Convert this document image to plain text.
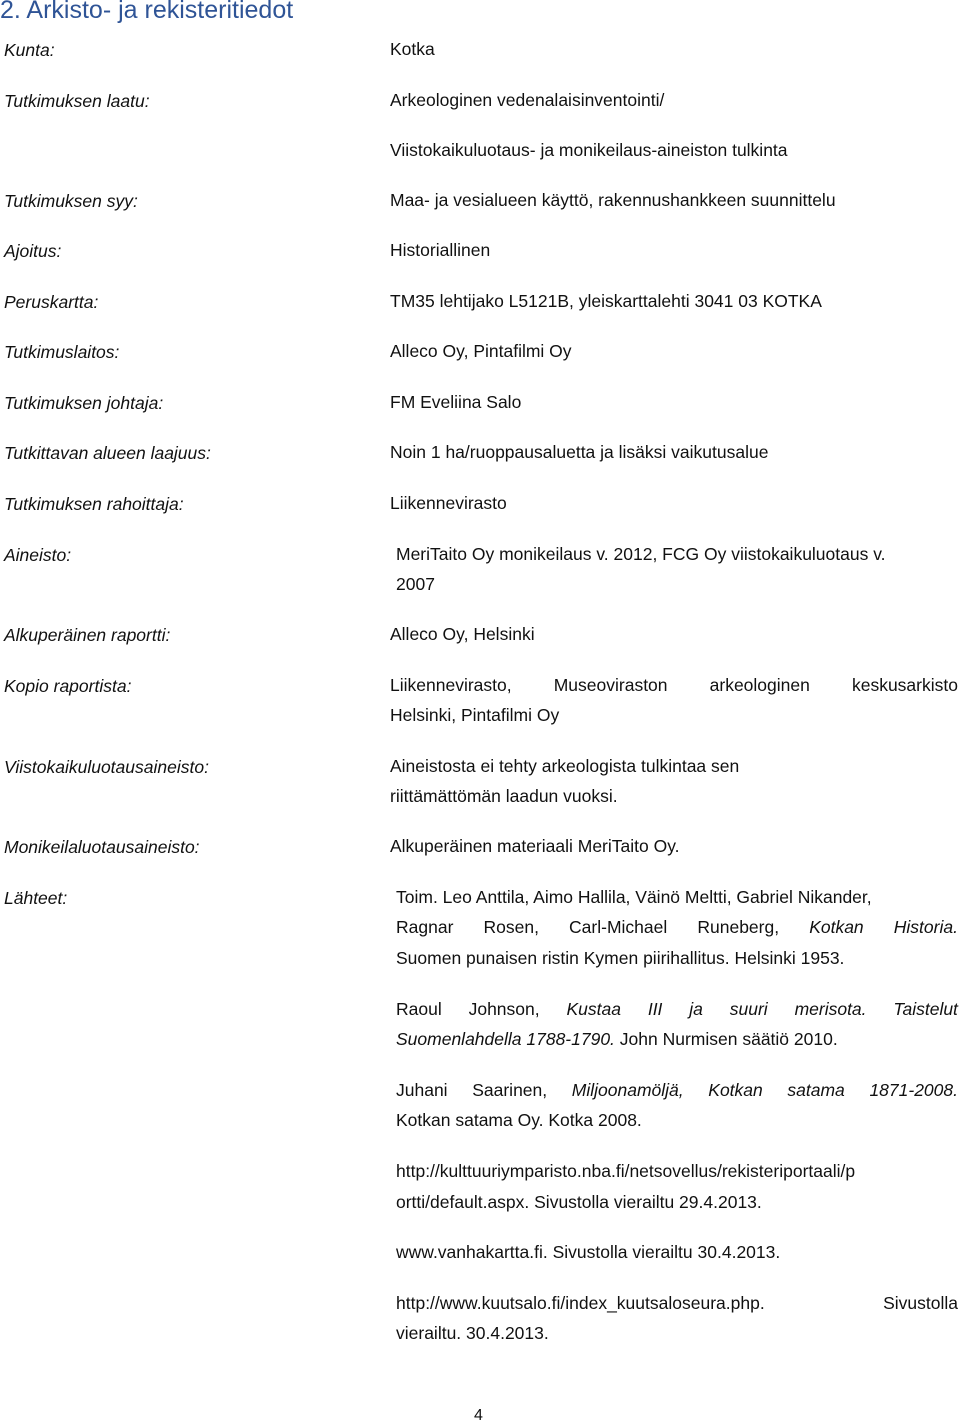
2. Arkisto- ja rekisteritiedot
Kunta:
Tutkimuksen laatu:
Tutkimuksen syy:
Ajoitus:
Peruskartta:
Tutkimuslaitos:
Tutkimuksen johtaja:
Tutkittavan alueen laajuus:
Tutkimuksen rahoittaja:
Aineisto:
Alkuperäinen raportti:
Kopio raportista:
Viistokaikuluotausaineisto:
Monikeilaluotausaineisto:
Lähteet:
Kotka
Arkeologinen vedenalaisinventointi/
Viistokaikuluotaus- ja monikeilaus-aineiston tulkinta
Maa- ja vesialueen käyttö, rakennushankkeen suunnittelu
Historiallinen
TM35 lehtijako L5121B, yleiskarttalehti 3041 03 KOTKA
Alleco Oy, Pintafilmi Oy
FM Eveliina Salo
Noin 1 ha/ruoppausaluetta ja lisäksi vaikutusalue
Liikennevirasto
MeriTaito Oy monikeilaus v. 2012, FCG Oy viistokaikuluotaus v.
2007
Alleco Oy, Helsinki
Liikennevirasto, Museoviraston arkeologinen keskusarkisto
Helsinki, Pintafilmi Oy
Aineistosta ei tehty arkeologista tulkintaa sen
riittämättömän laadun vuoksi.
Alkuperäinen materiaali MeriTaito Oy.
Toim. Leo Anttila, Aimo Hallila, Väinö Meltti, Gabriel Nikander,
Ragnar Rosen, Carl-Michael Runeberg, Kotkan Historia.
Suomen punaisen ristin Kymen piirihallitus. Helsinki 1953.
Raoul Johnson, Kustaa III ja suuri merisota. Taistelut
Suomenlahdella 1788-1790. John Nurmisen säätiö 2010.
Juhani Saarinen, Miljoonamöljä, Kotkan satama 1871-2008.
Kotkan satama Oy. Kotka 2008.
http://kulttuuriymparisto.nba.fi/netsovellus/rekisteriportaali/p
ortti/default.aspx. Sivustolla vierailtu 29.4.2013.
www.vanhakartta.fi. Sivustolla vierailtu 30.4.2013.
http://www.kuutsalo.fi/index_kuutsaloseura.php.	Sivustolla
vierailtu. 30.4.2013.
4
